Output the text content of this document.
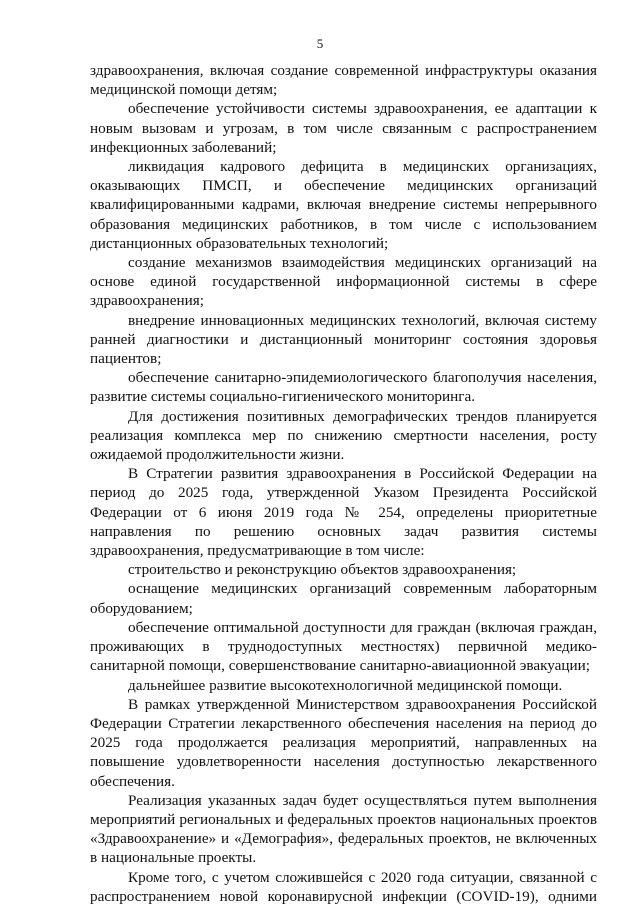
5

здравоохранения, включая создание современной инфраструктуры оказания медицинской помощи детям;

обеспечение устойчивости системы здравоохранения, ее адаптации к новым вызовам и угрозам, в том числе связанным с распространением инфекционных заболеваний;

ликвидация кадрового дефицита в медицинских организациях, оказывающих ПМСП, и обеспечение медицинских организаций квалифицированными кадрами, включая внедрение системы непрерывного образования медицинских работников, в том числе с использованием дистанционных образовательных технологий;

создание механизмов взаимодействия медицинских организаций на основе единой государственной информационной системы в сфере здравоохранения;

внедрение инновационных медицинских технологий, включая систему ранней диагностики и дистанционный мониторинг состояния здоровья пациентов;

обеспечение санитарно-эпидемиологического благополучия населения, развитие системы социально-гигиенического мониторинга.

Для достижения позитивных демографических трендов планируется реализация комплекса мер по снижению смертности населения, росту ожидаемой продолжительности жизни.

В Стратегии развития здравоохранения в Российской Федерации на период до 2025 года, утвержденной Указом Президента Российской Федерации от 6 июня 2019 года № 254, определены приоритетные направления по решению основных задач развития системы здравоохранения, предусматривающие в том числе:

строительство и реконструкцию объектов здравоохранения;

оснащение медицинских организаций современным лабораторным оборудованием;

обеспечение оптимальной доступности для граждан (включая граждан, проживающих в труднодоступных местностях) первичной медико-санитарной помощи, совершенствование санитарно-авиационной эвакуации;

дальнейшее развитие высокотехнологичной медицинской помощи.

В рамках утвержденной Министерством здравоохранения Российской Федерации Стратегии лекарственного обеспечения населения на период до 2025 года продолжается реализация мероприятий, направленных на повышение удовлетворенности населения доступностью лекарственного обеспечения.

Реализация указанных задач будет осуществляться путем выполнения мероприятий региональных и федеральных проектов национальных проектов «Здравоохранение» и «Демография», федеральных проектов, не включенных в национальные проекты.

Кроме того, с учетом сложившейся с 2020 года ситуации, связанной с распространением новой коронавирусной инфекции (COVID-19), одними
